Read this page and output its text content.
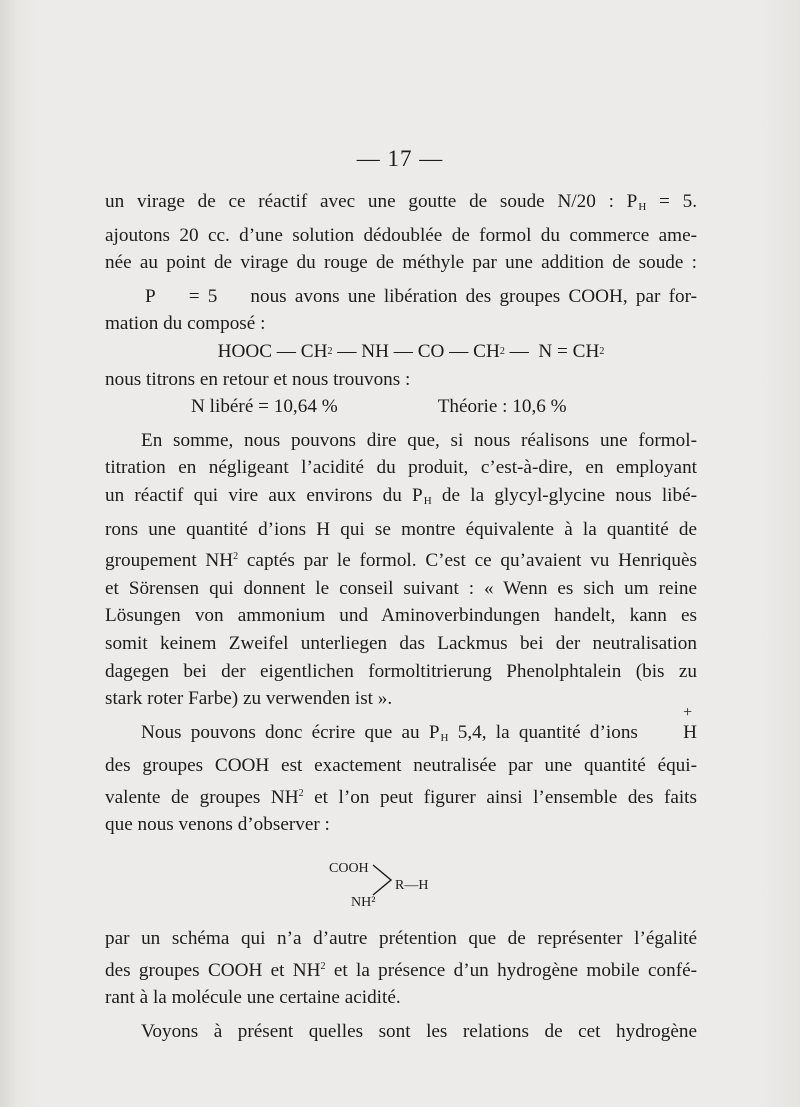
— 17 —

un virage de ce réactif avec une goutte de soude N/20 : $P_H = 5$.

ajoutons 20 cc. d’une solution dédoublée de formol du commerce ame-

née au point de virage du rouge de méthyle par une addition de soude :

P = 5 nous avons une libération des groupes COOH, par for-

mation du composé :

HOOC — CH 2 — NH — CO — CH 2 —  N = CH 2

nous titrons en retour et nous trouvons :

N libéré = 10,64 %	Théorie : 10,6 %

En somme, nous pouvons dire que, si nous réalisons une formol-

titration en négligeant l’acidité du produit, c’est-à-dire, en employant

un réactif qui vire aux environs du $P_H$ de la glycyl-glycine nous libé-

rons une quantité d’ions H qui se montre équivalente à la quantité de

groupement $NH^2$ captés par le formol. C’est ce qu’avaient vu Henriquès

et Sörensen qui donnent le conseil suivant : « Wenn es sich um reine

Lösungen von ammonium und Aminoverbindungen handelt, kann es

somit keinem Zweifel unterliegen das Lackmus bei der neutralisation

dagegen bei der eigentlichen formoltitrierung Phenolphtalein (bis zu

stark roter Farbe) zu verwenden ist ».

Nous pouvons donc écrire que au $P_H$ 5,4, la quantité d’ions
+
H

des groupes COOH est exactement neutralisée par une quantité équi-

valente de groupes $NH^2$ et l’on peut figurer ainsi l’ensemble des faits

que nous venons d’observer :

COOH
NH²
R—H

par un schéma qui n’a d’autre prétention que de représenter l’égalité

des groupes COOH et $NH^2$ et la présence d’un hydrogène mobile confé-

rant à la molécule une certaine acidité.

Voyons à présent quelles sont les relations de cet hydrogène
